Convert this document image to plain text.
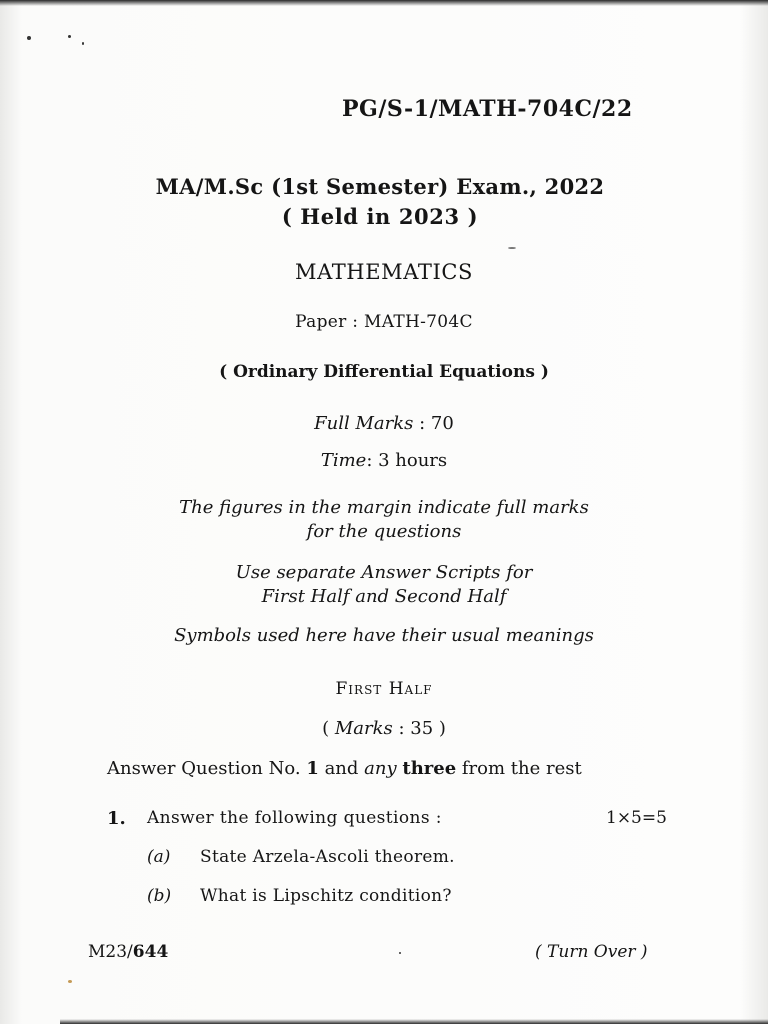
PG/S-1/MATH-704C/22
MA/M.Sc (1st Semester) Exam., 2022
( Held in 2023 )
MATHEMATICS
Paper : MATH-704C
( Ordinary Differential Equations )
Full Marks : 70
Time: 3 hours
The figures in the margin indicate full marks
for the questions
Use separate Answer Scripts for
First Half and Second Half
Symbols used here have their usual meanings
First Half
( Marks : 35 )
Answer Question No. 1 and any three from the rest
1. Answer the following questions :	1×5=5
(a) State Arzela-Ascoli theorem.
(b) What is Lipschitz condition?
M23/644	( Turn Over )
